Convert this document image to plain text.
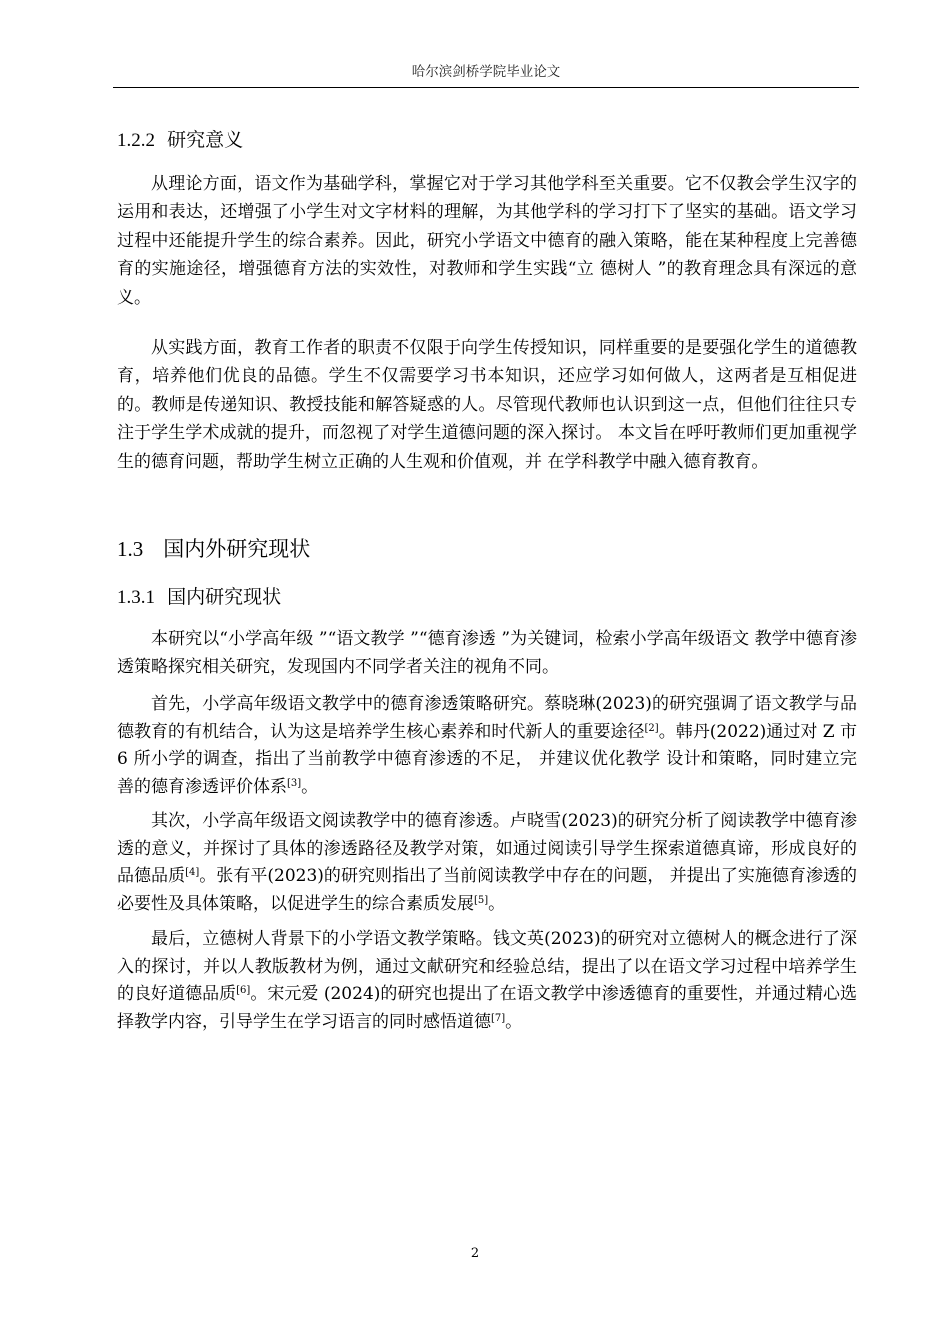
哈尔滨剑桥学院毕业论文
1.2.2 研究意义

从理论方面，语文作为基础学科，掌握它对于学习其他学科至关重要。它不仅教会学生汉字的运用和表达，还增强了小学生对文字材料的理解，为其他学科的学习打下了坚实的基础。语文学习过程中还能提升学生的综合素养。因此，研究小学语文中德育的融入策略，能在某种程度上完善德育的实施途径，增强德育方法的实效性，对教师和学生实践“立 德树人 ”的教育理念具有深远的意义。

从实践方面，教育工作者的职责不仅限于向学生传授知识，同样重要的是要强化学生的道德教育，培养他们优良的品德。学生不仅需要学习书本知识，还应学习如何做人，这两者是互相促进的。教师是传递知识、教授技能和解答疑惑的人。尽管现代教师也认识到这一点，但他们往往只专注于学生学术成就的提升，而忽视了对学生道德问题的深入探讨。 本文旨在呼吁教师们更加重视学生的德育问题，帮助学生树立正确的人生观和价值观，并 在学科教学中融入德育教育。

1.3 国内外研究现状
1.3.1 国内研究现状

本研究以“小学高年级 ”“语文教学 ”“德育渗透 ”为关键词，检索小学高年级语文 教学中德育渗透策略探究相关研究，发现国内不同学者关注的视角不同。

首先，小学高年级语文教学中的德育渗透策略研究。蔡晓琳(2023)的研究强调了语文教学与品德教育的有机结合，认为这是培养学生核心素养和时代新人的重要途径[2]。韩丹(2022)通过对 Z 市 6 所小学的调查，指出了当前教学中德育渗透的不足， 并建议优化教学 设计和策略，同时建立完善的德育渗透评价体系[3]。

其次，小学高年级语文阅读教学中的德育渗透。卢晓雪(2023)的研究分析了阅读教学中德育渗透的意义，并探讨了具体的渗透路径及教学对策，如通过阅读引导学生探索道德真谛，形成良好的品德品质[4]。张有平(2023)的研究则指出了当前阅读教学中存在的问题， 并提出了实施德育渗透的必要性及具体策略，以促进学生的综合素质发展[5]。

最后，立德树人背景下的小学语文教学策略。钱文英(2023)的研究对立德树人的概念进行了深入的探讨，并以人教版教材为例，通过文献研究和经验总结，提出了以在语文学习过程中培养学生的良好道德品质[6]。宋元爱 (2024)的研究也提出了在语文教学中渗透德育的重要性，并通过精心选择教学内容，引导学生在学习语言的同时感悟道德[7]。

2
